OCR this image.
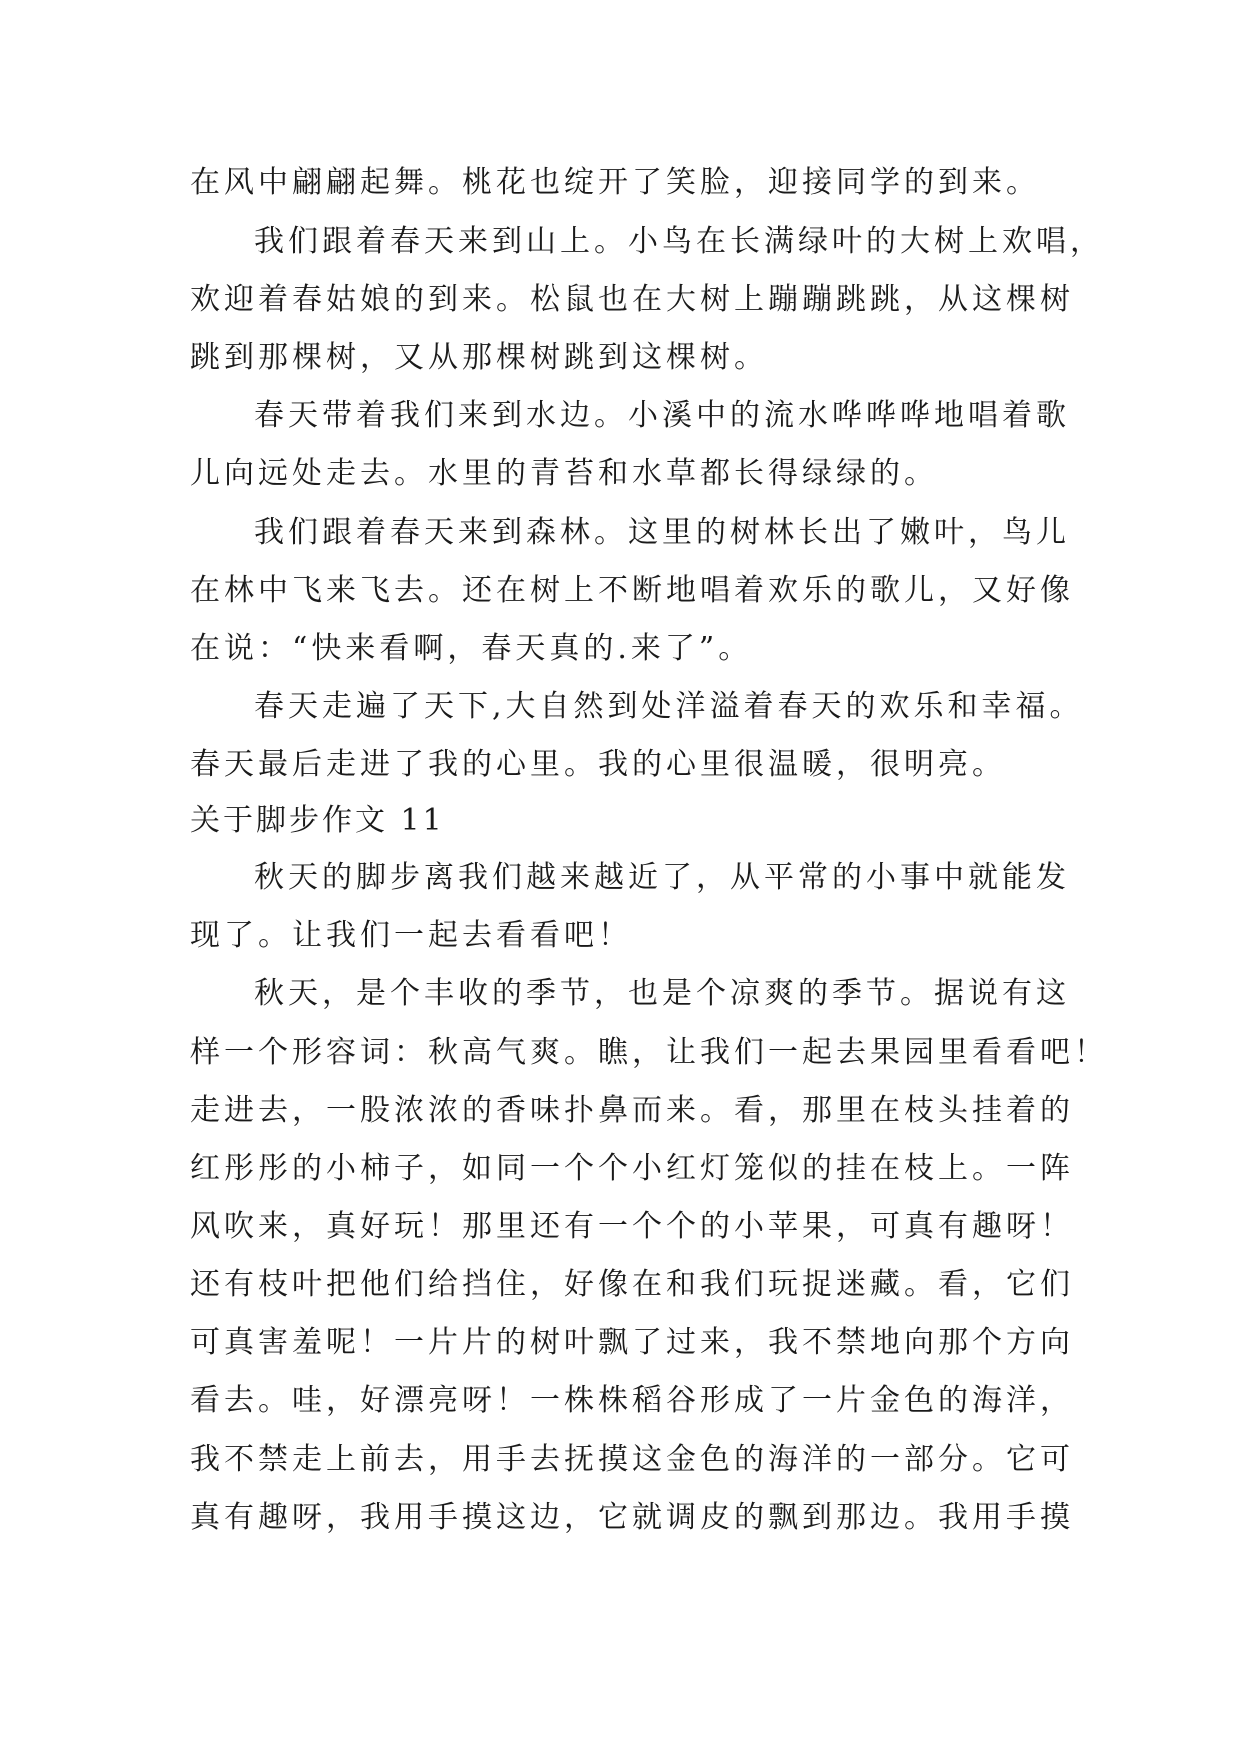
在风中翩翩起舞。桃花也绽开了笑脸，迎接同学的到来。
我们跟着春天来到山上。小鸟在长满绿叶的大树上欢唱，
欢迎着春姑娘的到来。松鼠也在大树上蹦蹦跳跳，从这棵树
跳到那棵树，又从那棵树跳到这棵树。
春天带着我们来到水边。小溪中的流水哗哗哗地唱着歌
儿向远处走去。水里的青苔和水草都长得绿绿的。
我们跟着春天来到森林。这里的树林长出了嫩叶，鸟儿
在林中飞来飞去。还在树上不断地唱着欢乐的歌儿，又好像
在说：“快来看啊，春天真的.来了”。
春天走遍了天下,大自然到处洋溢着春天的欢乐和幸福。
春天最后走进了我的心里。我的心里很温暖，很明亮。
关于脚步作文 11
秋天的脚步离我们越来越近了，从平常的小事中就能发
现了。让我们一起去看看吧！
秋天，是个丰收的季节，也是个凉爽的季节。据说有这
样一个形容词：秋高气爽。瞧，让我们一起去果园里看看吧！
走进去，一股浓浓的香味扑鼻而来。看，那里在枝头挂着的
红彤彤的小柿子，如同一个个小红灯笼似的挂在枝上。一阵
风吹来，真好玩！那里还有一个个的小苹果，可真有趣呀！
还有枝叶把他们给挡住，好像在和我们玩捉迷藏。看，它们
可真害羞呢！一片片的树叶飘了过来，我不禁地向那个方向
看去。哇，好漂亮呀！一株株稻谷形成了一片金色的海洋，
我不禁走上前去，用手去抚摸这金色的海洋的一部分。它可
真有趣呀，我用手摸这边，它就调皮的飘到那边。我用手摸
